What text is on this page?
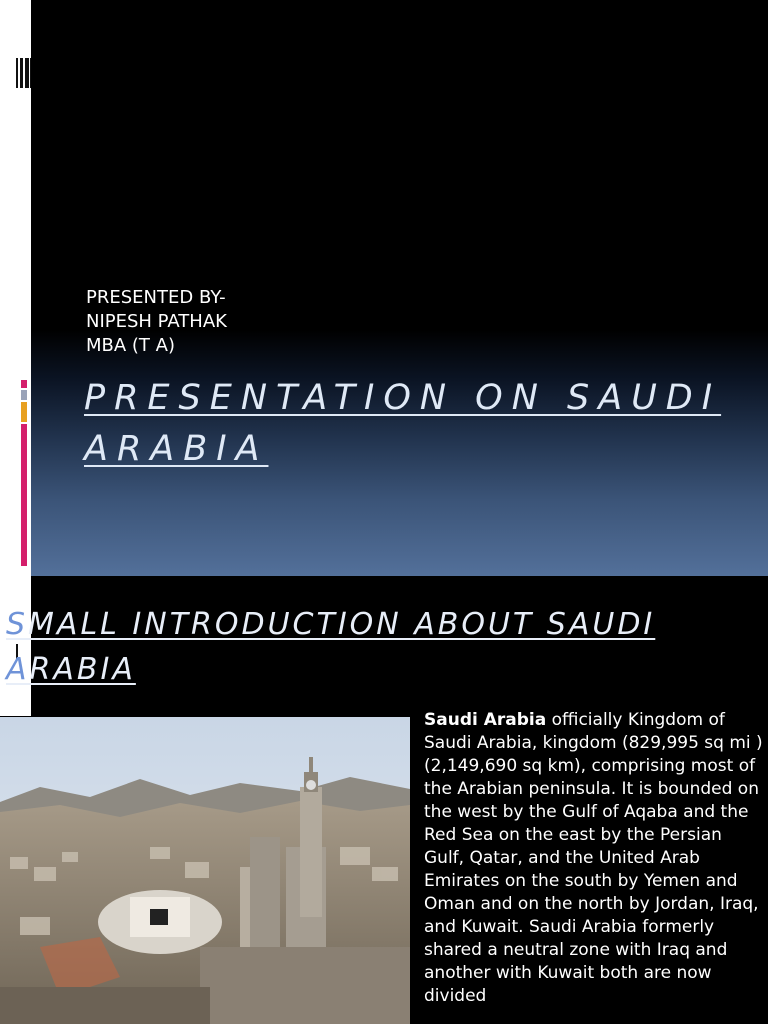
PRESENTED BY-
NIPESH PATHAK
MBA (T A)
PRESENTATION ON SAUDI ARABIA
SMALL INTRODUCTION ABOUT SAUDI
ARABIA
Saudi Arabia officially Kingdom of Saudi Arabia, kingdom (829,995 sq mi )(2,149,690 sq km), comprising most of the Arabian peninsula. It is bounded on the west by the Gulf of Aqaba and the Red Sea on the east by the Persian Gulf, Qatar, and the United Arab Emirates on the south by Yemen and Oman and on the north by Jordan, Iraq, and Kuwait. Saudi Arabia formerly shared a neutral zone with Iraq and another with Kuwait both are now divided
